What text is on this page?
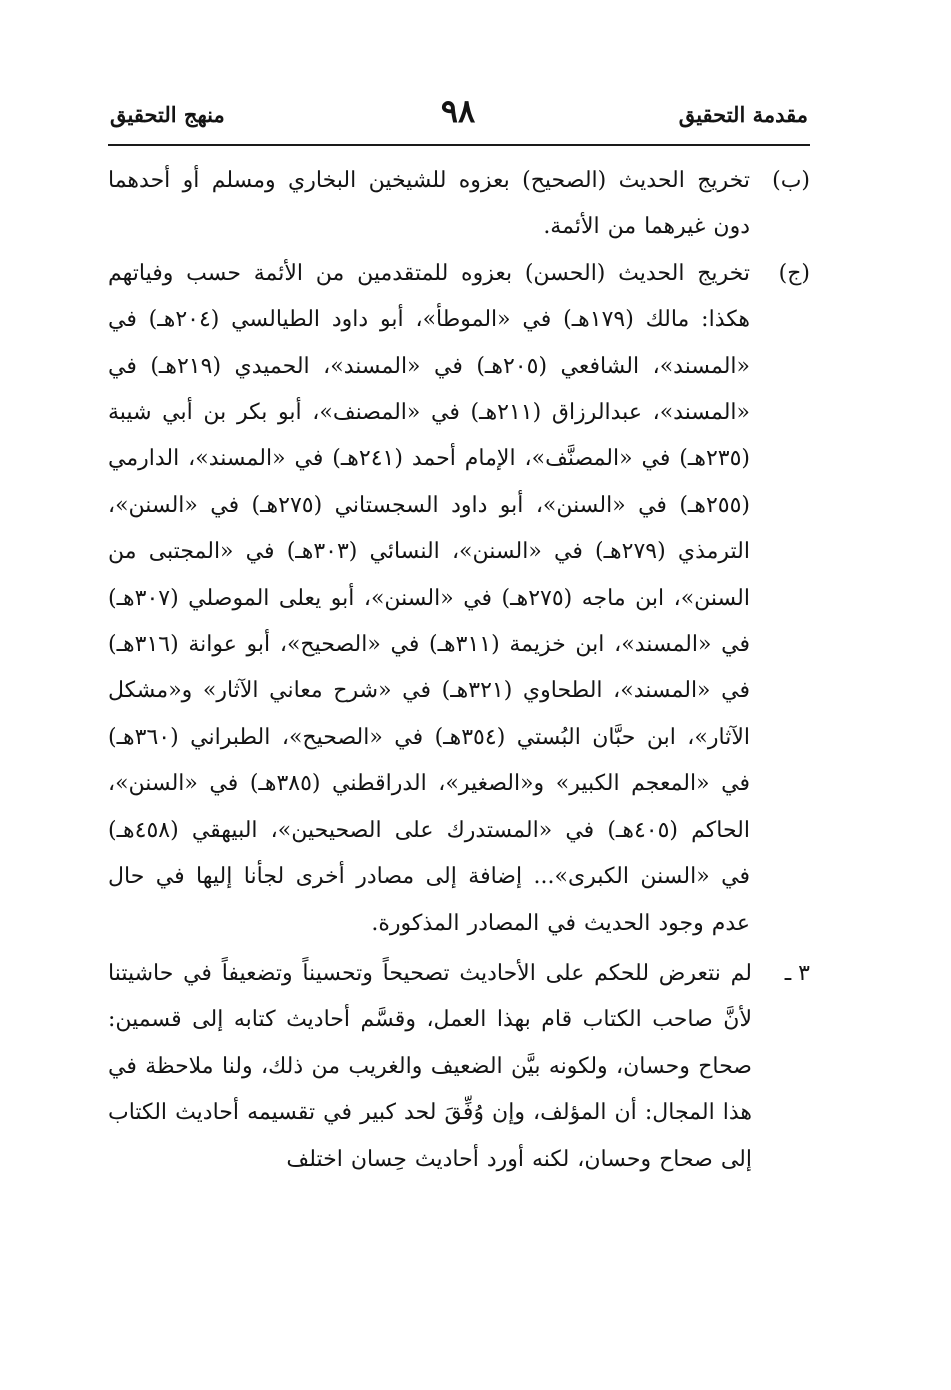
مقدمة التحقيق
٩٨
منهج التحقيق
(ب)
تخريج الحديث (الصحيح) بعزوه للشيخين البخاري ومسلم أو أحدهما دون غيرهما من الأئمة.
(ج)
تخريج الحديث (الحسن) بعزوه للمتقدمين من الأئمة حسب وفياتهم هكذا: مالك (١٧٩هـ) في «الموطأ»، أبو داود الطيالسي (٢٠٤هـ) في «المسند»، الشافعي (٢٠٥هـ) في «المسند»، الحميدي (٢١٩هـ) في «المسند»، عبدالرزاق (٢١١هـ) في «المصنف»، أبو بكر بن أبي شيبة (٢٣٥هـ) في «المصنَّف»، الإمام أحمد (٢٤١هـ) في «المسند»، الدارمي (٢٥٥هـ) في «السنن»، أبو داود السجستاني (٢٧٥هـ) في «السنن»، الترمذي (٢٧٩هـ) في «السنن»، النسائي (٣٠٣هـ) في «المجتبى من السنن»، ابن ماجه (٢٧٥هـ) في «السنن»، أبو يعلى الموصلي (٣٠٧هـ) في «المسند»، ابن خزيمة (٣١١هـ) في «الصحيح»، أبو عوانة (٣١٦هـ) في «المسند»، الطحاوي (٣٢١هـ) في «شرح معاني الآثار» و«مشكل الآثار»، ابن حبَّان البُستي (٣٥٤هـ) في «الصحيح»، الطبراني (٣٦٠هـ) في «المعجم الكبير» و«الصغير»، الدراقطني (٣٨٥هـ) في «السنن»، الحاكم (٤٠٥هـ) في «المستدرك على الصحيحين»، البيهقي (٤٥٨هـ) في «السنن الكبرى»... إضافة إلى مصادر أخرى لجأنا إليها في حال عدم وجود الحديث في المصادر المذكورة.
٣ ـ
لم نتعرض للحكم على الأحاديث تصحيحاً وتحسيناً وتضعيفاً في حاشيتنا لأنَّ صاحب الكتاب قام بهذا العمل، وقسَّم أحاديث كتابه إلى قسمين: صحاح وحسان، ولكونه بيَّن الضعيف والغريب من ذلك، ولنا ملاحظة في هذا المجال: أن المؤلف، وإن وُفِّقَ لحد كبير في تقسيمه أحاديث الكتاب إلى صحاح وحسان، لكنه أورد أحاديث حِسان اختلف
